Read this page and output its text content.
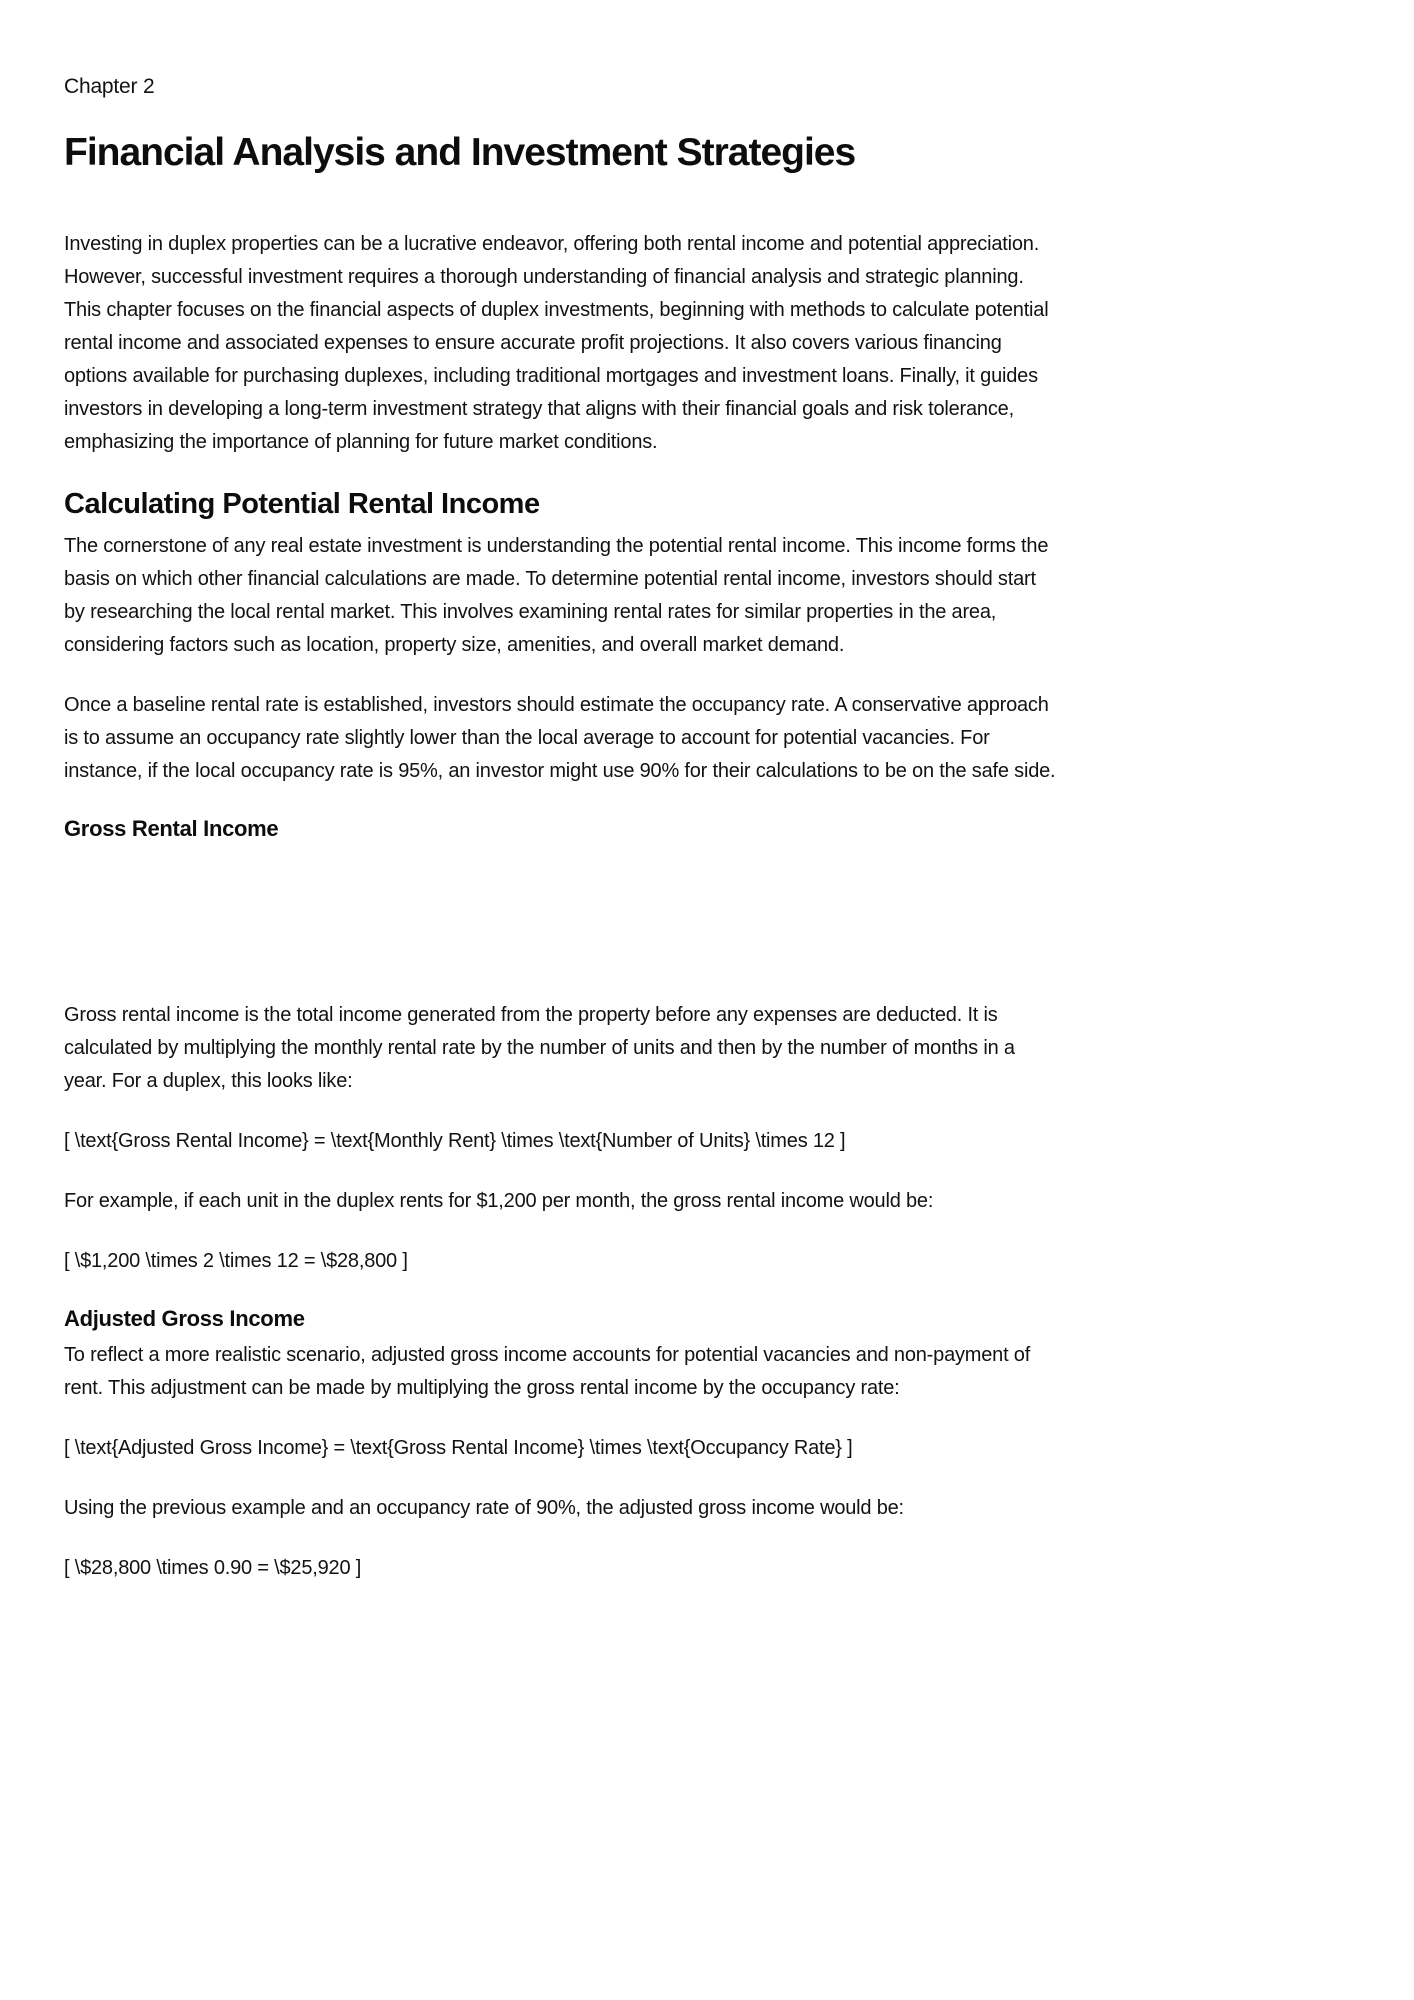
Chapter 2

Financial Analysis and Investment Strategies

Investing in duplex properties can be a lucrative endeavor, offering both rental income and potential appreciation. However, successful investment requires a thorough understanding of financial analysis and strategic planning. This chapter focuses on the financial aspects of duplex investments, beginning with methods to calculate potential rental income and associated expenses to ensure accurate profit projections. It also covers various financing options available for purchasing duplexes, including traditional mortgages and investment loans. Finally, it guides investors in developing a long-term investment strategy that aligns with their financial goals and risk tolerance, emphasizing the importance of planning for future market conditions.

Calculating Potential Rental Income

The cornerstone of any real estate investment is understanding the potential rental income. This income forms the basis on which other financial calculations are made. To determine potential rental income, investors should start by researching the local rental market. This involves examining rental rates for similar properties in the area, considering factors such as location, property size, amenities, and overall market demand.

Once a baseline rental rate is established, investors should estimate the occupancy rate. A conservative approach is to assume an occupancy rate slightly lower than the local average to account for potential vacancies. For instance, if the local occupancy rate is 95%, an investor might use 90% for their calculations to be on the safe side.

Gross Rental Income

Gross rental income is the total income generated from the property before any expenses are deducted. It is calculated by multiplying the monthly rental rate by the number of units and then by the number of months in a year. For a duplex, this looks like:

[ \text{Gross Rental Income} = \text{Monthly Rent} \times \text{Number of Units} \times 12 ]

For example, if each unit in the duplex rents for $1,200 per month, the gross rental income would be:

[ \$1,200 \times 2 \times 12 = \$28,800 ]

Adjusted Gross Income

To reflect a more realistic scenario, adjusted gross income accounts for potential vacancies and non-payment of rent. This adjustment can be made by multiplying the gross rental income by the occupancy rate:

[ \text{Adjusted Gross Income} = \text{Gross Rental Income} \times \text{Occupancy Rate} ]

Using the previous example and an occupancy rate of 90%, the adjusted gross income would be:

[ \$28,800 \times 0.90 = \$25,920 ]
